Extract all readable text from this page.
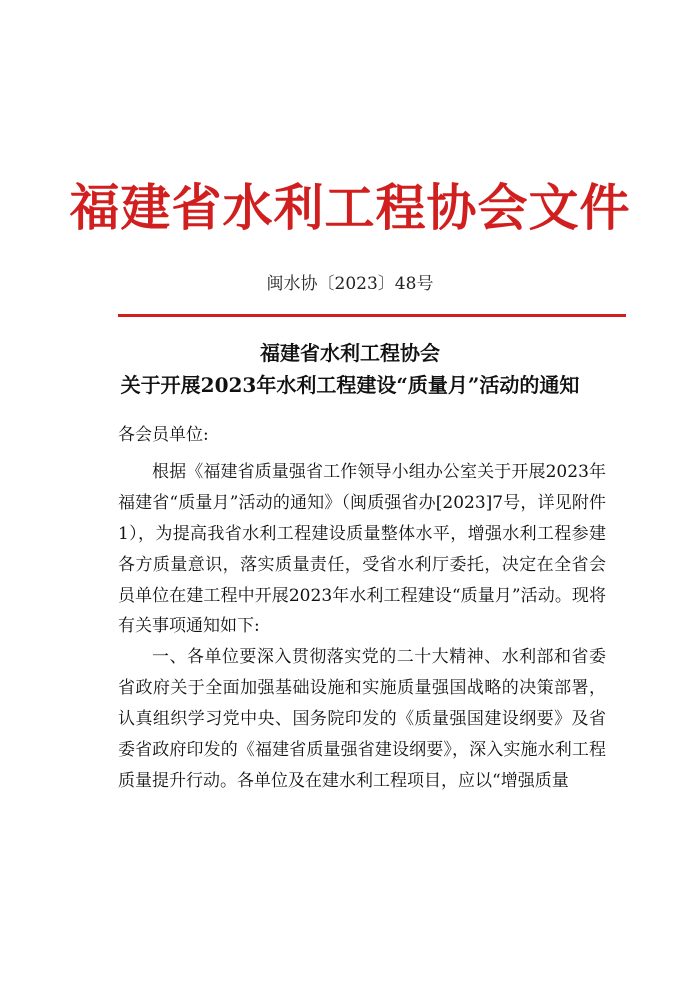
福建省水利工程协会文件
闽水协〔2023〕48号
福建省水利工程协会
关于开展2023年水利工程建设“质量月”活动的通知

各会员单位:

根据《福建省质量强省工作领导小组办公室关于开展2023年福建省“质量月”活动的通知》（闽质强省办[2023]7号，详见附件1），为提高我省水利工程建设质量整体水平，增强水利工程参建各方质量意识，落实质量责任，受省水利厅委托，决定在全省会员单位在建工程中开展2023年水利工程建设“质量月”活动。现将有关事项通知如下:

一、各单位要深入贯彻落实党的二十大精神、水利部和省委省政府关于全面加强基础设施和实施质量强国战略的决策部署，认真组织学习党中央、国务院印发的《质量强国建设纲要》及省委省政府印发的《福建省质量强省建设纲要》，深入实施水利工程质量提升行动。各单位及在建水利工程项目，应以“增强质量
